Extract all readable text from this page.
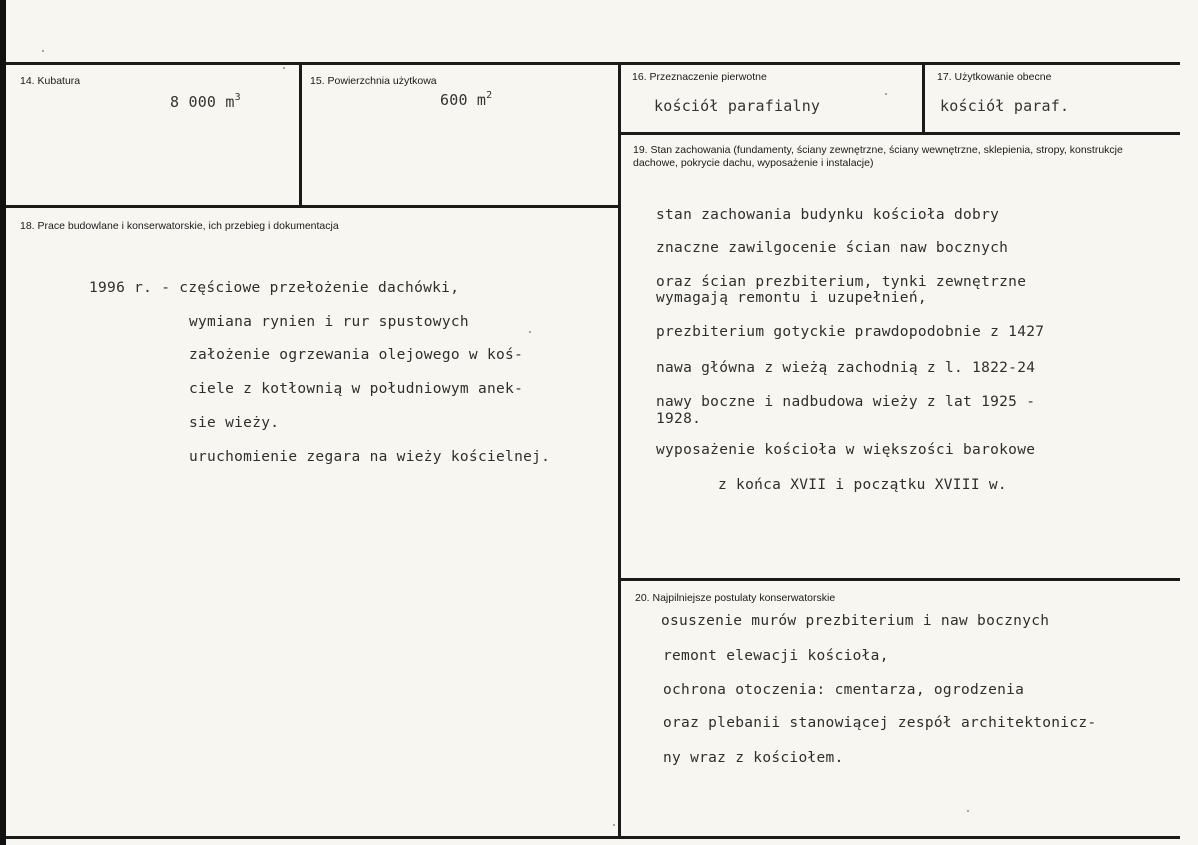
14. Kubatura
8 000 $m^3$
15. Powierzchnia użytkowa
600 $m^2$
16. Przeznaczenie pierwotne
kościół parafialny
17. Użytkowanie obecne
kościół paraf.
18. Prace budowlane i konserwatorskie, ich przebieg i dokumentacja
1996 r. - częściowe przełożenie dachówki,
wymiana rynien i rur spustowych
założenie ogrzewania olejowego w koś-
ciele z kotłownią w południowym anek-
sie wieży.
uruchomienie zegara na wieży kościelnej.
19. Stan zachowania (fundamenty, ściany zewnętrzne, ściany wewnętrzne, sklepienia, stropy, konstrukcje dachowe, pokrycie dachu, wyposażenie i instalacje)
stan zachowania budynku kościoła dobry
znaczne zawilgocenie ścian naw bocznych
oraz ścian prezbiterium, tynki zewnętrzne
wymagają remontu i uzupełnień,
prezbiterium gotyckie prawdopodobnie z 1427
nawa główna z wieżą zachodnią z l. 1822-24
nawy boczne i nadbudowa wieży z lat 1925 -
1928.
wyposażenie kościoła w większości barokowe
z końca XVII i początku XVIII w.
20. Najpilniejsze postulaty konserwatorskie
osuszenie murów prezbiterium i naw bocznych
remont elewacji kościoła,
ochrona otoczenia: cmentarza, ogrodzenia
oraz plebanii stanowiącej zespół architektonicz-
ny wraz z kościołem.
